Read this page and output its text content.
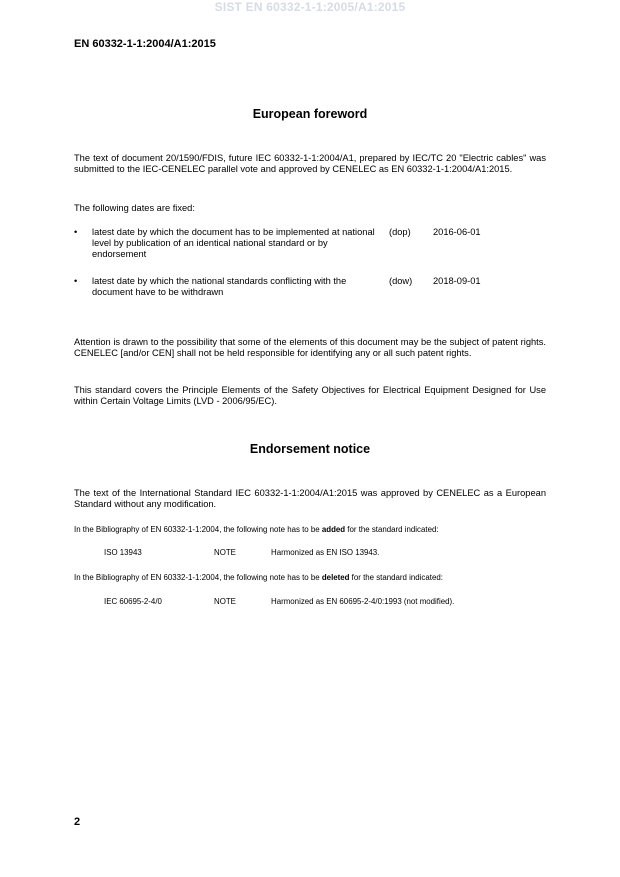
SIST EN 60332-1-1:2005/A1:2015
EN 60332-1-1:2004/A1:2015
European foreword
The text of document 20/1590/FDIS, future IEC 60332-1-1:2004/A1, prepared by IEC/TC 20 "Electric cables" was submitted to the IEC-CENELEC parallel vote and approved by CENELEC as EN 60332-1-1:2004/A1:2015.
The following dates are fixed:
• latest date by which the document has to be implemented at national level by publication of an identical national standard or by endorsement
(dop) 2016-06-01
• latest date by which the national standards conflicting with the document have to be withdrawn
(dow) 2018-09-01
Attention is drawn to the possibility that some of the elements of this document may be the subject of patent rights. CENELEC [and/or CEN] shall not be held responsible for identifying any or all such patent rights.
This standard covers the Principle Elements of the Safety Objectives for Electrical Equipment Designed for Use within Certain Voltage Limits (LVD - 2006/95/EC).
Endorsement notice
The text of the International Standard IEC 60332-1-1:2004/A1:2015 was approved by CENELEC as a European Standard without any modification.
In the Bibliography of EN 60332-1-1:2004, the following note has to be added for the standard indicated:
ISO 13943	NOTE	Harmonized as EN ISO 13943.
In the Bibliography of EN 60332-1-1:2004, the following note has to be deleted for the standard indicated:
IEC 60695-2-4/0	NOTE	Harmonized as EN 60695-2-4/0:1993 (not modified).
2
